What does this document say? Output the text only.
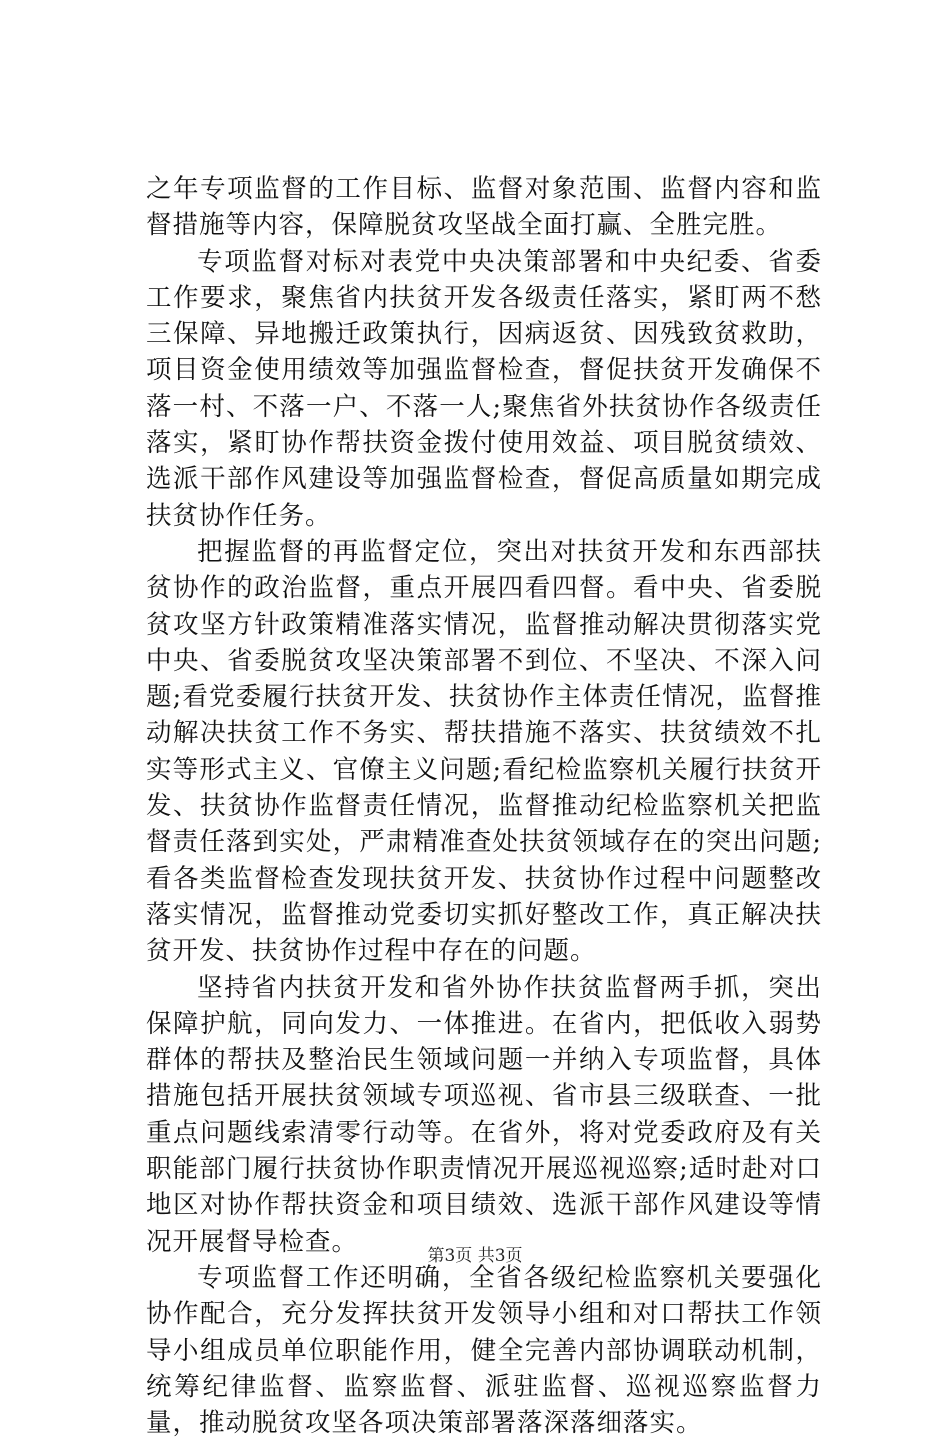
之年专项监督的工作目标、监督对象范围、监督内容和监督措施等内容，保障脱贫攻坚战全面打赢、全胜完胜。

专项监督对标对表党中央决策部署和中央纪委、省委工作要求，聚焦省内扶贫开发各级责任落实，紧盯两不愁三保障、异地搬迁政策执行，因病返贫、因残致贫救助，项目资金使用绩效等加强监督检查，督促扶贫开发确保不落一村、不落一户、不落一人;聚焦省外扶贫协作各级责任落实，紧盯协作帮扶资金拨付使用效益、项目脱贫绩效、选派干部作风建设等加强监督检查，督促高质量如期完成扶贫协作任务。

把握监督的再监督定位，突出对扶贫开发和东西部扶贫协作的政治监督，重点开展四看四督。看中央、省委脱贫攻坚方针政策精准落实情况，监督推动解决贯彻落实党中央、省委脱贫攻坚决策部署不到位、不坚决、不深入问题;看党委履行扶贫开发、扶贫协作主体责任情况，监督推动解决扶贫工作不务实、帮扶措施不落实、扶贫绩效不扎实等形式主义、官僚主义问题;看纪检监察机关履行扶贫开发、扶贫协作监督责任情况，监督推动纪检监察机关把监督责任落到实处，严肃精准查处扶贫领域存在的突出问题;看各类监督检查发现扶贫开发、扶贫协作过程中问题整改落实情况，监督推动党委切实抓好整改工作，真正解决扶贫开发、扶贫协作过程中存在的问题。

坚持省内扶贫开发和省外协作扶贫监督两手抓，突出保障护航，同向发力、一体推进。在省内，把低收入弱势群体的帮扶及整治民生领域问题一并纳入专项监督，具体措施包括开展扶贫领域专项巡视、省市县三级联查、一批重点问题线索清零行动等。在省外，将对党委政府及有关职能部门履行扶贫协作职责情况开展巡视巡察;适时赴对口地区对协作帮扶资金和项目绩效、选派干部作风建设等情况开展督导检查。

专项监督工作还明确，全省各级纪检监察机关要强化协作配合，充分发挥扶贫开发领导小组和对口帮扶工作领导小组成员单位职能作用，健全完善内部协调联动机制，统筹纪律监督、监察监督、派驻监督、巡视巡察监督力量，推动脱贫攻坚各项决策部署落深落细落实。

第3页 共3页
